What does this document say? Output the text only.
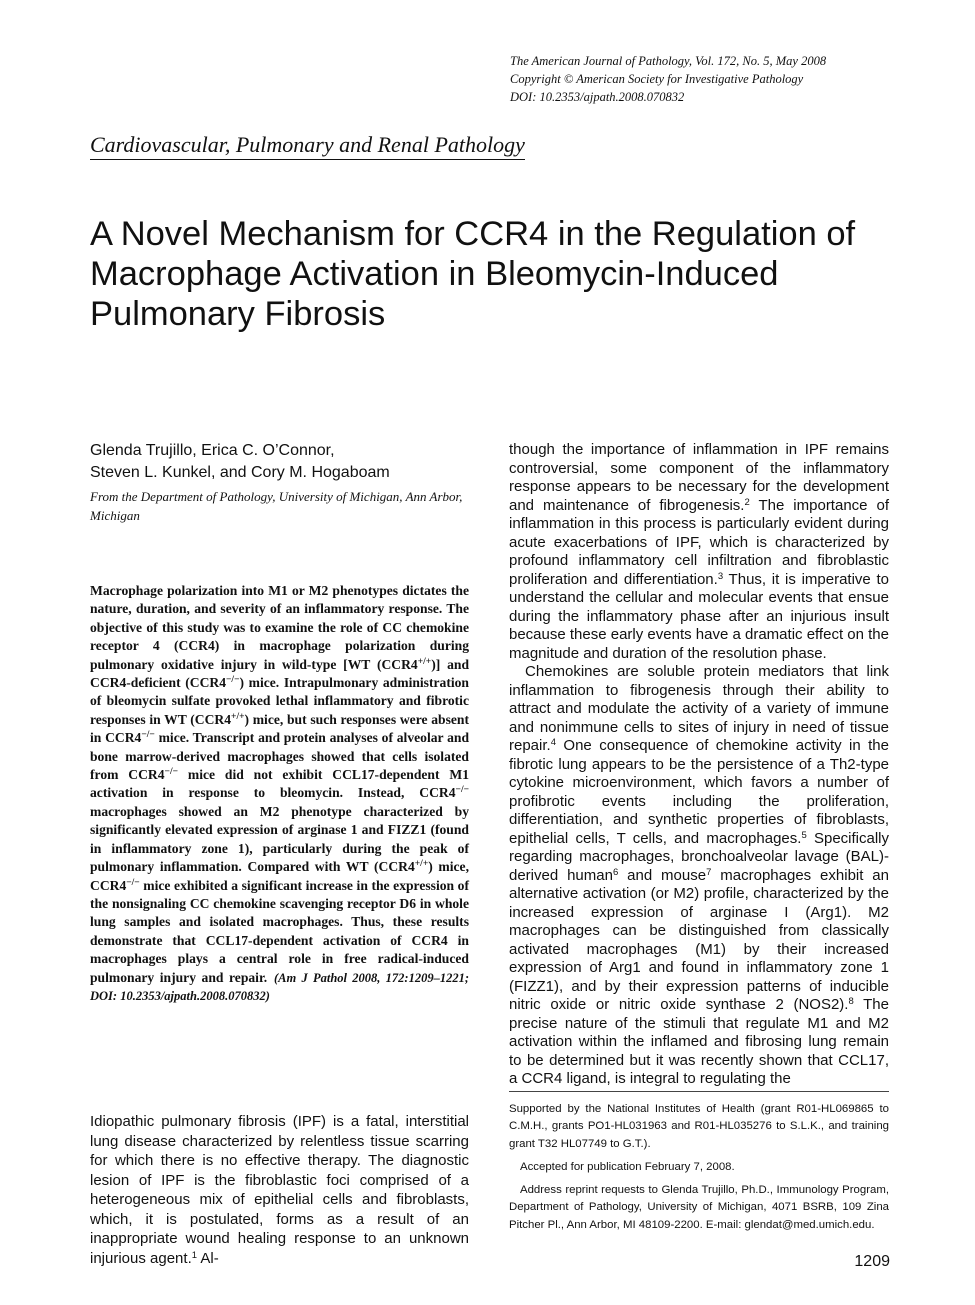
The American Journal of Pathology, Vol. 172, No. 5, May 2008
Copyright © American Society for Investigative Pathology
DOI: 10.2353/ajpath.2008.070832
Cardiovascular, Pulmonary and Renal Pathology
A Novel Mechanism for CCR4 in the Regulation of Macrophage Activation in Bleomycin-Induced Pulmonary Fibrosis
Glenda Trujillo, Erica C. O’Connor,
Steven L. Kunkel, and Cory M. Hogaboam
From the Department of Pathology, University of Michigan, Ann Arbor, Michigan

Macrophage polarization into M1 or M2 phenotypes dictates the nature, duration, and severity of an inflammatory response. The objective of this study was to examine the role of CC chemokine receptor 4 (CCR4) in macrophage polarization during pulmonary oxidative injury in wild-type [WT (CCR4+/+)] and CCR4-deficient (CCR4−/−) mice. Intrapulmonary administration of bleomycin sulfate provoked lethal inflammatory and fibrotic responses in WT (CCR4+/+) mice, but such responses were absent in CCR4−/− mice. Transcript and protein analyses of alveolar and bone marrow-derived macrophages showed that cells isolated from CCR4−/− mice did not exhibit CCL17-dependent M1 activation in response to bleomycin. Instead, CCR4−/− macrophages showed an M2 phenotype characterized by significantly elevated expression of arginase 1 and FIZZ1 (found in inflammatory zone 1), particularly during the peak of pulmonary inflammation. Compared with WT (CCR4+/+) mice, CCR4−/− mice exhibited a significant increase in the expression of the nonsignaling CC chemokine scavenging receptor D6 in whole lung samples and isolated macrophages. Thus, these results demonstrate that CCL17-dependent activation of CCR4 in macrophages plays a central role in free radical-induced pulmonary injury and repair.  (Am J Pathol 2008, 172:1209–1221; DOI: 10.2353/ajpath.2008.070832)

Idiopathic pulmonary fibrosis (IPF) is a fatal, interstitial lung disease characterized by relentless tissue scarring for which there is no effective therapy. The diagnostic lesion of IPF is the fibroblastic foci comprised of a heterogeneous mix of epithelial cells and fibroblasts, which, it is postulated, forms as a result of an inappropriate wound healing response to an unknown injurious agent.$^1$ Al-

though the importance of inflammation in IPF remains controversial, some component of the inflammatory response appears to be necessary for the development and maintenance of fibrogenesis.$^2$ The importance of inflammation in this process is particularly evident during acute exacerbations of IPF, which is characterized by profound inflammatory cell infiltration and fibroblastic proliferation and differentiation.$^3$ Thus, it is imperative to understand the cellular and molecular events that ensue during the inflammatory phase after an injurious insult because these early events have a dramatic effect on the magnitude and duration of the resolution phase.

Chemokines are soluble protein mediators that link inflammation to fibrogenesis through their ability to attract and modulate the activity of a variety of immune and nonimmune cells to sites of injury in need of tissue repair.$^4$ One consequence of chemokine activity in the fibrotic lung appears to be the persistence of a Th2-type cytokine microenvironment, which favors a number of profibrotic events including the proliferation, differentiation, and synthetic properties of fibroblasts, epithelial cells, T cells, and macrophages.$^5$ Specifically regarding macrophages, bronchoalveolar lavage (BAL)-derived human$^6$ and mouse$^7$ macrophages exhibit an alternative activation (or M2) profile, characterized by the increased expression of arginase I (Arg1). M2 macrophages can be distinguished from classically activated macrophages (M1) by their increased expression of Arg1 and found in inflammatory zone 1 (FIZZ1), and by their expression patterns of inducible nitric oxide or nitric oxide synthase 2 (NOS2).$^8$ The precise nature of the stimuli that regulate M1 and M2 activation within the inflamed and fibrosing lung remain to be determined but it was recently shown that CCL17, a CCR4 ligand, is integral to regulating the

Supported by the National Institutes of Health (grant R01-HL069865 to C.M.H., grants PO1-HL031963 and R01-HL035276 to S.L.K., and training grant T32 HL07749 to G.T.).

Accepted for publication February 7, 2008.

Address reprint requests to Glenda Trujillo, Ph.D., Immunology Program, Department of Pathology, University of Michigan, 4071 BSRB, 109 Zina Pitcher Pl., Ann Arbor, MI 48109-2200. E-mail: glendat@med.umich.edu.

1209
